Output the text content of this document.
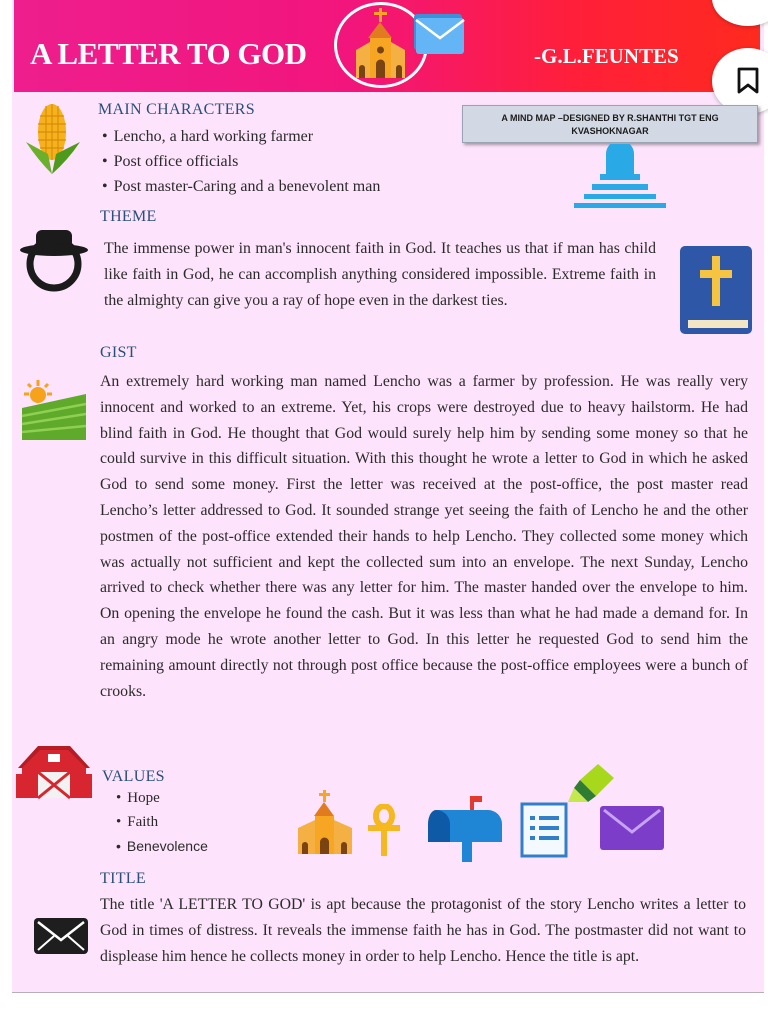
A LETTER TO GOD	-G.L.FEUNTES
A MIND MAP –DESIGNED BY R.SHANTHI TGT ENG
KVASHOKNAGAR
MAIN CHARACTERS
• Lencho, a hard working farmer
• Post office officials
• Post master-Caring and a benevolent man
THEME
The immense power in man's innocent faith in God. It teaches us that if man has child like faith in God, he can accomplish anything considered impossible. Extreme faith in the almighty can give you a ray of hope even in the darkest ties.
GIST
An extremely hard working man named Lencho was a farmer by profession. He was really very innocent and worked to an extreme. Yet, his crops were destroyed due to heavy hailstorm. He had blind faith in God. He thought that God would surely help him by sending some money so that he could survive in this difficult situation. With this thought he wrote a letter to God in which he asked God to send some money. First the letter was received at the post-office, the post master read Lencho’s letter addressed to God. It sounded strange yet seeing the faith of Lencho he and the other postmen of the post-office extended their hands to help Lencho. They collected some money which was actually not sufficient and kept the collected sum into an envelope. The next Sunday, Lencho arrived to check whether there was any letter for him. The master handed over the envelope to him. On opening the envelope he found the cash. But it was less than what he had made a demand for. In an angry mode he wrote another letter to God. In this letter he requested God to send him the remaining amount directly not through post office because the post-office employees were a bunch of crooks.
VALUES
• Hope
• Faith
• Benevolence
TITLE
The title 'A LETTER TO GOD' is apt because the protagonist of the story Lencho writes a letter to God in times of distress. It reveals the immense faith he has in God. The postmaster did not want to displease him hence he collects money in order to help Lencho. Hence the title is apt.
